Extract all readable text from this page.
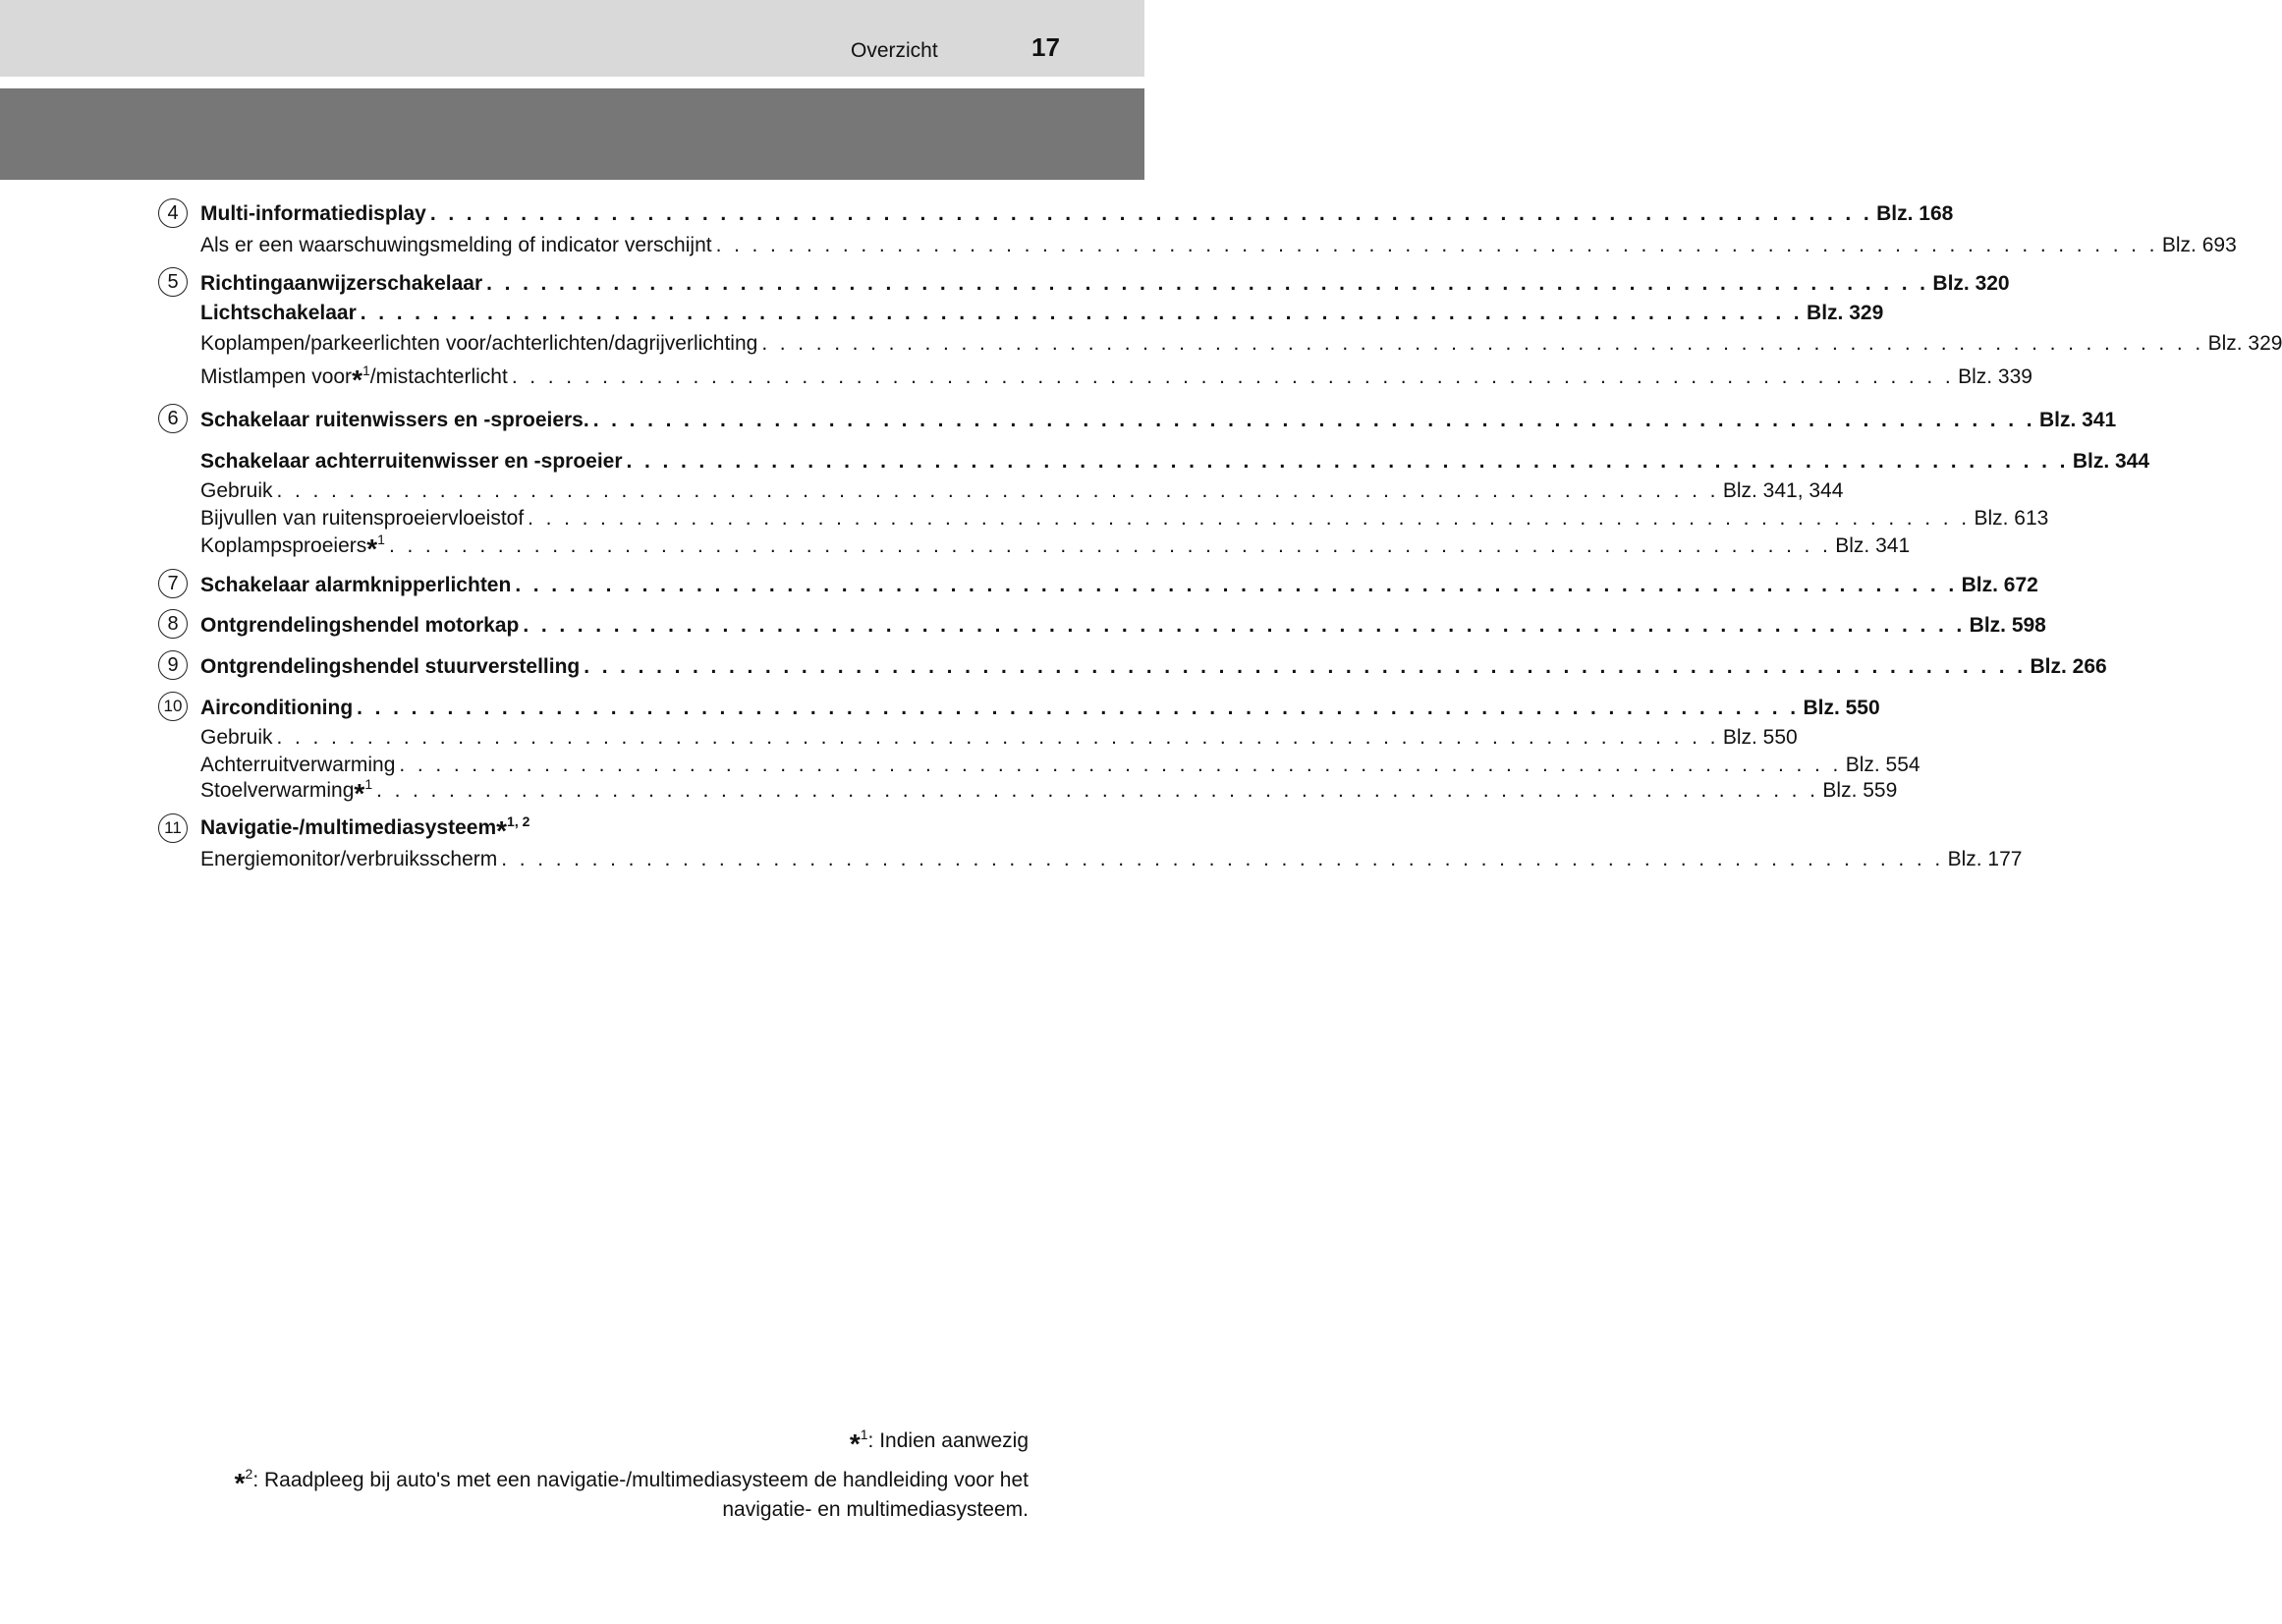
Overzicht	17
4
5
6
7
8
9
10
11
Multi-informatiedisplay . . . . . . . . . . . . . . . . . . . . . . . . . . . . . . . . . . . . . . . . . . . . . . . . . . . . . . . . . . . . . . . . . . . . . . . . . . . . . . . . Blz. 168
Als er een waarschuwingsmelding of indicator verschijnt . . . . . . . . . . . . . . . . . . . . . . . . . . . . . . . . . . . . . . . . . . . . . . . . . . . . . . . . . . . . . . . . . . . . . . . . . . . . . . . . Blz. 693
Richtingaanwijzerschakelaar . . . . . . . . . . . . . . . . . . . . . . . . . . . . . . . . . . . . . . . . . . . . . . . . . . . . . . . . . . . . . . . . . . . . . . . . . . . . . . . . Blz. 320
Lichtschakelaar . . . . . . . . . . . . . . . . . . . . . . . . . . . . . . . . . . . . . . . . . . . . . . . . . . . . . . . . . . . . . . . . . . . . . . . . . . . . . . . . Blz. 329
Koplampen/parkeerlichten voor/achterlichten/dagrijverlichting . . . . . . . . . . . . . . . . . . . . . . . . . . . . . . . . . . . . . . . . . . . . . . . . . . . . . . . . . . . . . . . . . . . . . . . . . . . . . . . . Blz. 329
Mistlampen voor*$^1$/mistachterlicht . . . . . . . . . . . . . . . . . . . . . . . . . . . . . . . . . . . . . . . . . . . . . . . . . . . . . . . . . . . . . . . . . . . . . . . . . . . . . . . . Blz. 339
Schakelaar ruitenwissers en -sproeiers. . . . . . . . . . . . . . . . . . . . . . . . . . . . . . . . . . . . . . . . . . . . . . . . . . . . . . . . . . . . . . . . . . . . . . . . . . . . . . . . . Blz. 341
Schakelaar achterruitenwisser en -sproeier . . . . . . . . . . . . . . . . . . . . . . . . . . . . . . . . . . . . . . . . . . . . . . . . . . . . . . . . . . . . . . . . . . . . . . . . . . . . . . . . Blz. 344
Gebruik . . . . . . . . . . . . . . . . . . . . . . . . . . . . . . . . . . . . . . . . . . . . . . . . . . . . . . . . . . . . . . . . . . . . . . . . . . . . . . . . Blz. 341, 344
Bijvullen van ruitensproeiervloeistof . . . . . . . . . . . . . . . . . . . . . . . . . . . . . . . . . . . . . . . . . . . . . . . . . . . . . . . . . . . . . . . . . . . . . . . . . . . . . . . . Blz. 613
Koplampsproeiers*$^1$ . . . . . . . . . . . . . . . . . . . . . . . . . . . . . . . . . . . . . . . . . . . . . . . . . . . . . . . . . . . . . . . . . . . . . . . . . . . . . . . . Blz. 341
Schakelaar alarmknipperlichten . . . . . . . . . . . . . . . . . . . . . . . . . . . . . . . . . . . . . . . . . . . . . . . . . . . . . . . . . . . . . . . . . . . . . . . . . . . . . . . . Blz. 672
Ontgrendelingshendel motorkap . . . . . . . . . . . . . . . . . . . . . . . . . . . . . . . . . . . . . . . . . . . . . . . . . . . . . . . . . . . . . . . . . . . . . . . . . . . . . . . . Blz. 598
Ontgrendelingshendel stuurverstelling . . . . . . . . . . . . . . . . . . . . . . . . . . . . . . . . . . . . . . . . . . . . . . . . . . . . . . . . . . . . . . . . . . . . . . . . . . . . . . . . Blz. 266
Airconditioning . . . . . . . . . . . . . . . . . . . . . . . . . . . . . . . . . . . . . . . . . . . . . . . . . . . . . . . . . . . . . . . . . . . . . . . . . . . . . . . . Blz. 550
Gebruik . . . . . . . . . . . . . . . . . . . . . . . . . . . . . . . . . . . . . . . . . . . . . . . . . . . . . . . . . . . . . . . . . . . . . . . . . . . . . . . . Blz. 550
Achterruitverwarming . . . . . . . . . . . . . . . . . . . . . . . . . . . . . . . . . . . . . . . . . . . . . . . . . . . . . . . . . . . . . . . . . . . . . . . . . . . . . . . . Blz. 554
Stoelverwarming*$^1$ . . . . . . . . . . . . . . . . . . . . . . . . . . . . . . . . . . . . . . . . . . . . . . . . . . . . . . . . . . . . . . . . . . . . . . . . . . . . . . . . Blz. 559
Navigatie-/multimediasysteem*$^{1, 2}$
Energiemonitor/verbruiksscherm . . . . . . . . . . . . . . . . . . . . . . . . . . . . . . . . . . . . . . . . . . . . . . . . . . . . . . . . . . . . . . . . . . . . . . . . . . . . . . . . Blz. 177
*$^1$: Indien aanwezig
*$^2$: Raadpleeg bij auto's met een navigatie-/multimediasysteem de handleiding voor het
navigatie- en multimediasysteem.
